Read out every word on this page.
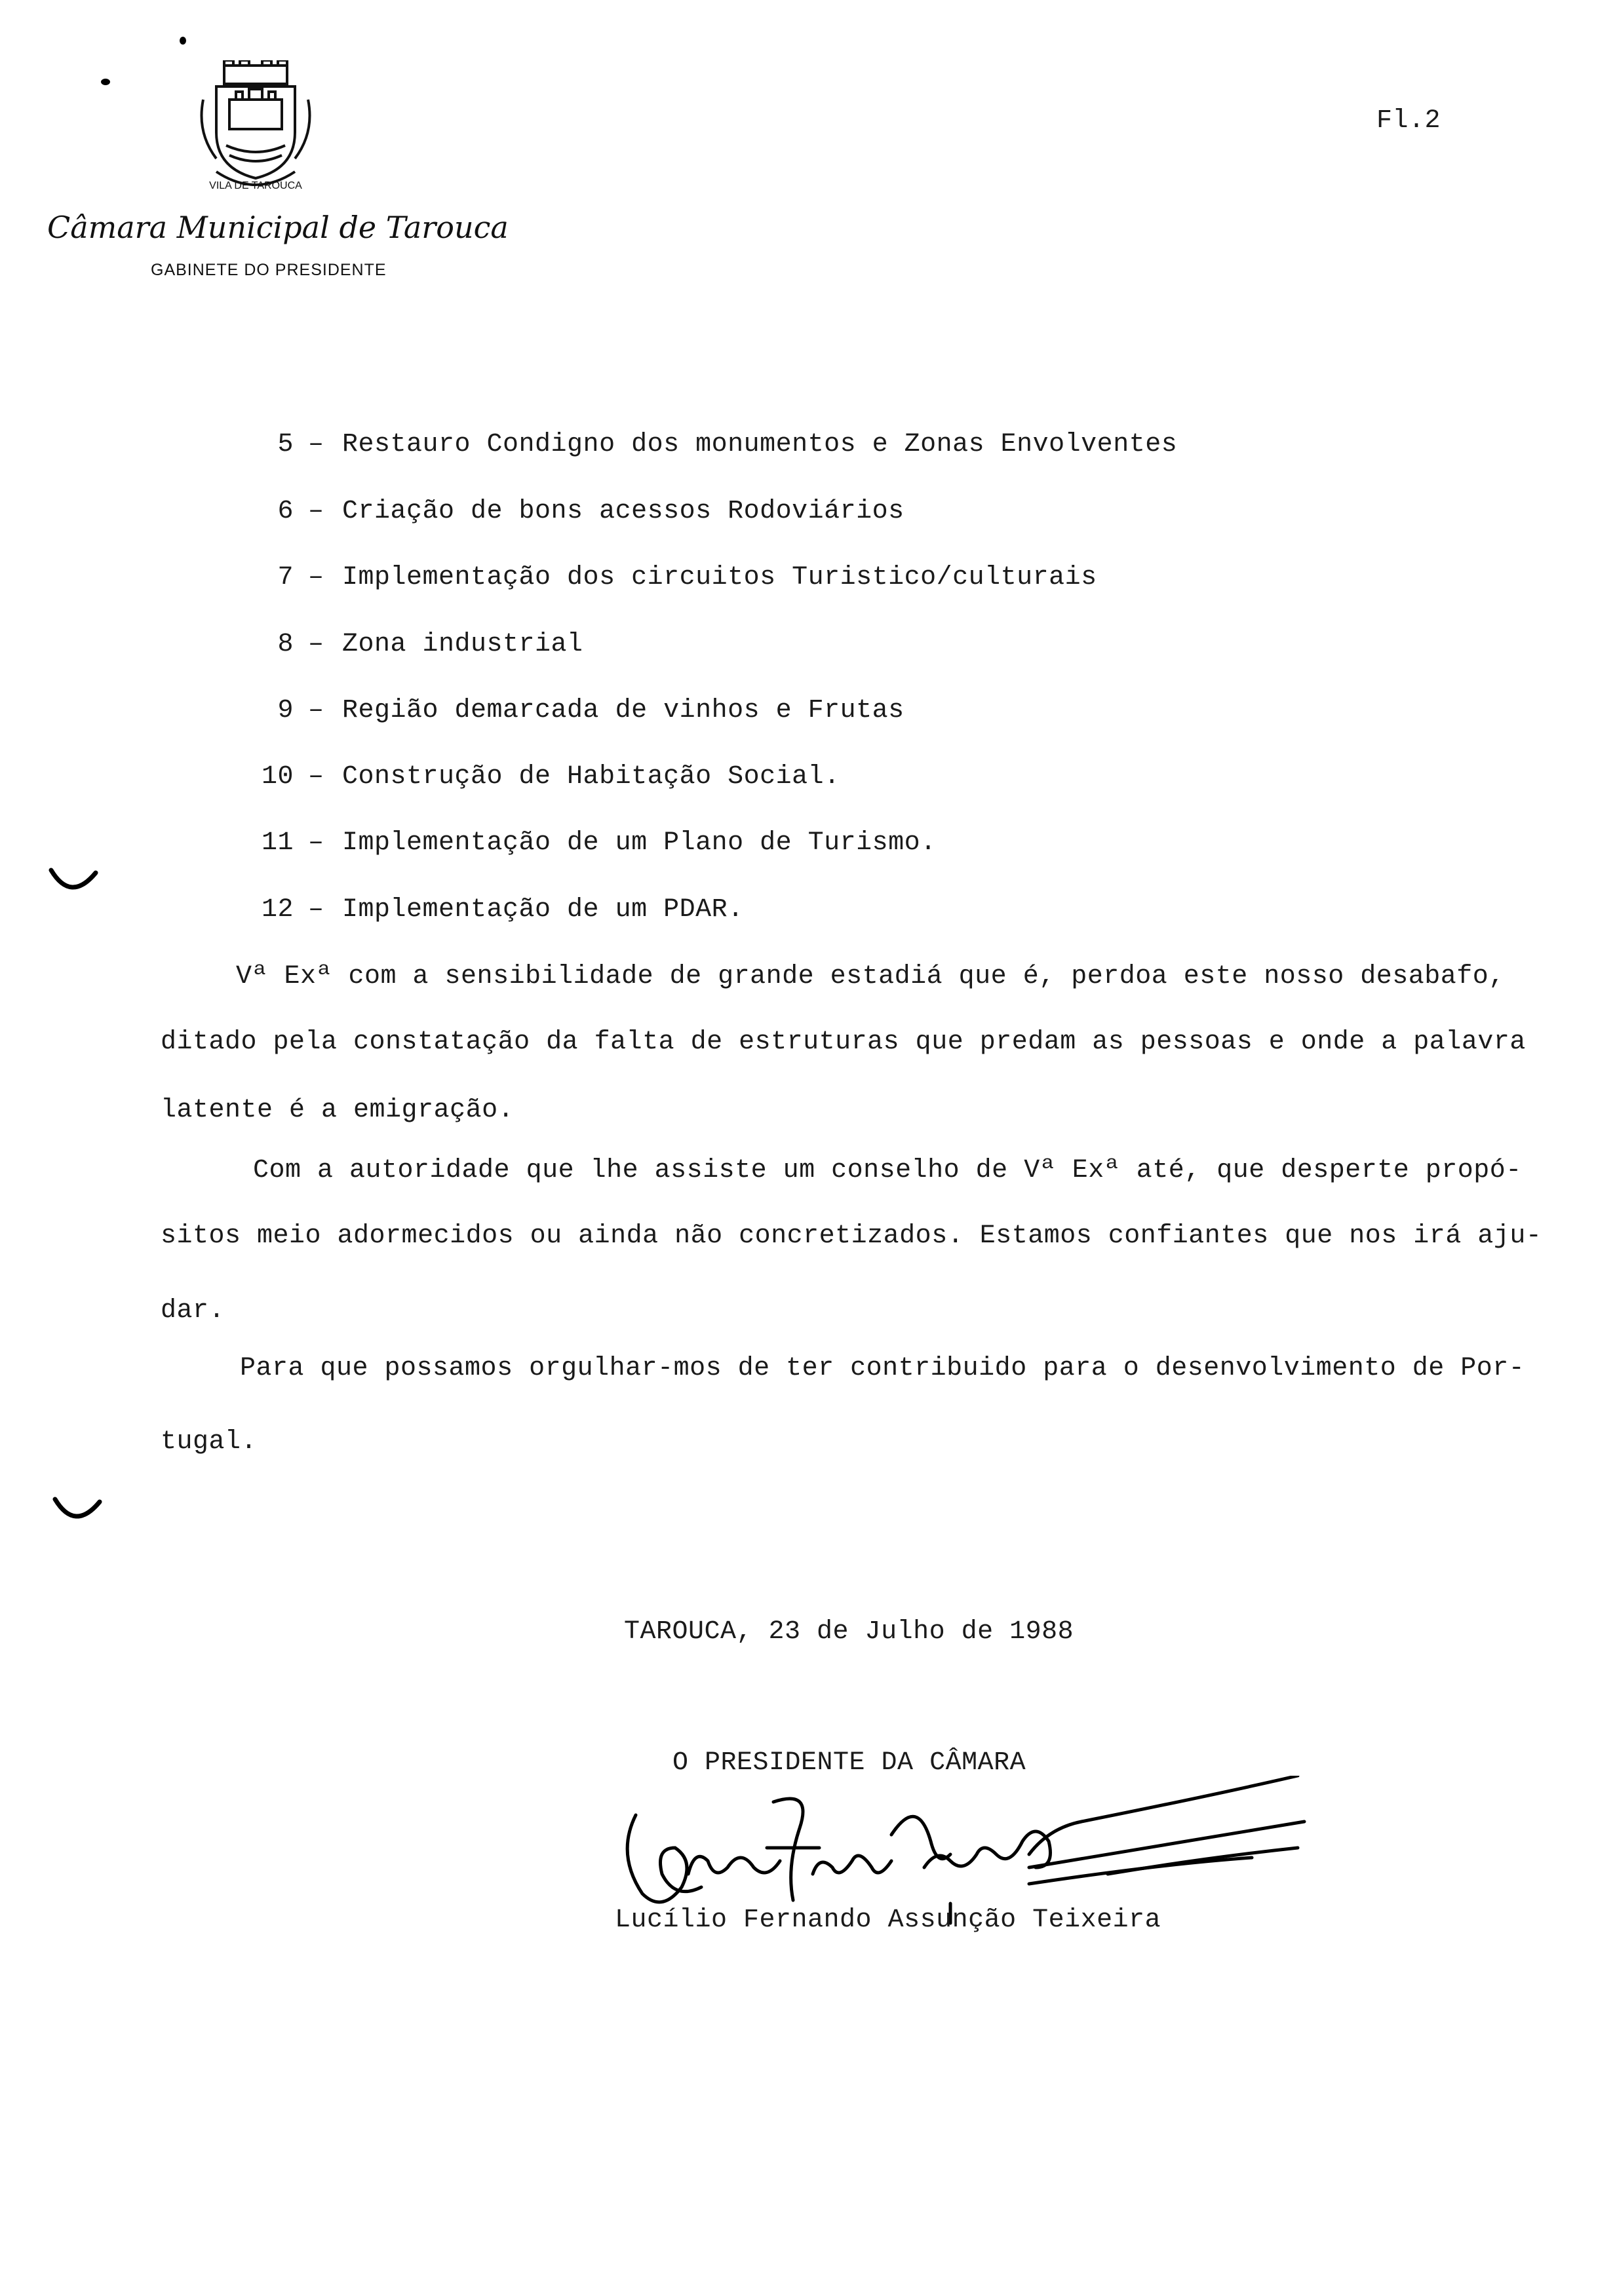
VILA DE TAROUCA
Câmara Municipal de Tarouca
GABINETE DO PRESIDENTE
Fl.2
5 – Restauro Condigno dos monumentos e Zonas Envolventes
6 – Criação de bons acessos Rodoviários
7 – Implementação dos circuitos Turistico/culturais
8 – Zona industrial
9 – Região demarcada de vinhos e Frutas
10 – Construção de Habitação Social.
11 – Implementação de um Plano de Turismo.
12 – Implementação de um PDAR.
Vª Exª com a sensibilidade de grande estadiá que é, perdoa este nosso desabafo,
ditado pela constatação da falta de estruturas que predam as pessoas e onde a palavra
latente é a emigração.
Com a autoridade que lhe assiste um conselho de Vª Exª até, que desperte propó-
sitos meio adormecidos ou ainda não concretizados. Estamos confiantes que nos irá aju-
dar.
Para que possamos orgulhar-mos de ter contribuido para o desenvolvimento de Por-
tugal.
TAROUCA, 23 de Julho de 1988
O PRESIDENTE DA CÂMARA
Lucílio Fernando Assunção Teixeira
